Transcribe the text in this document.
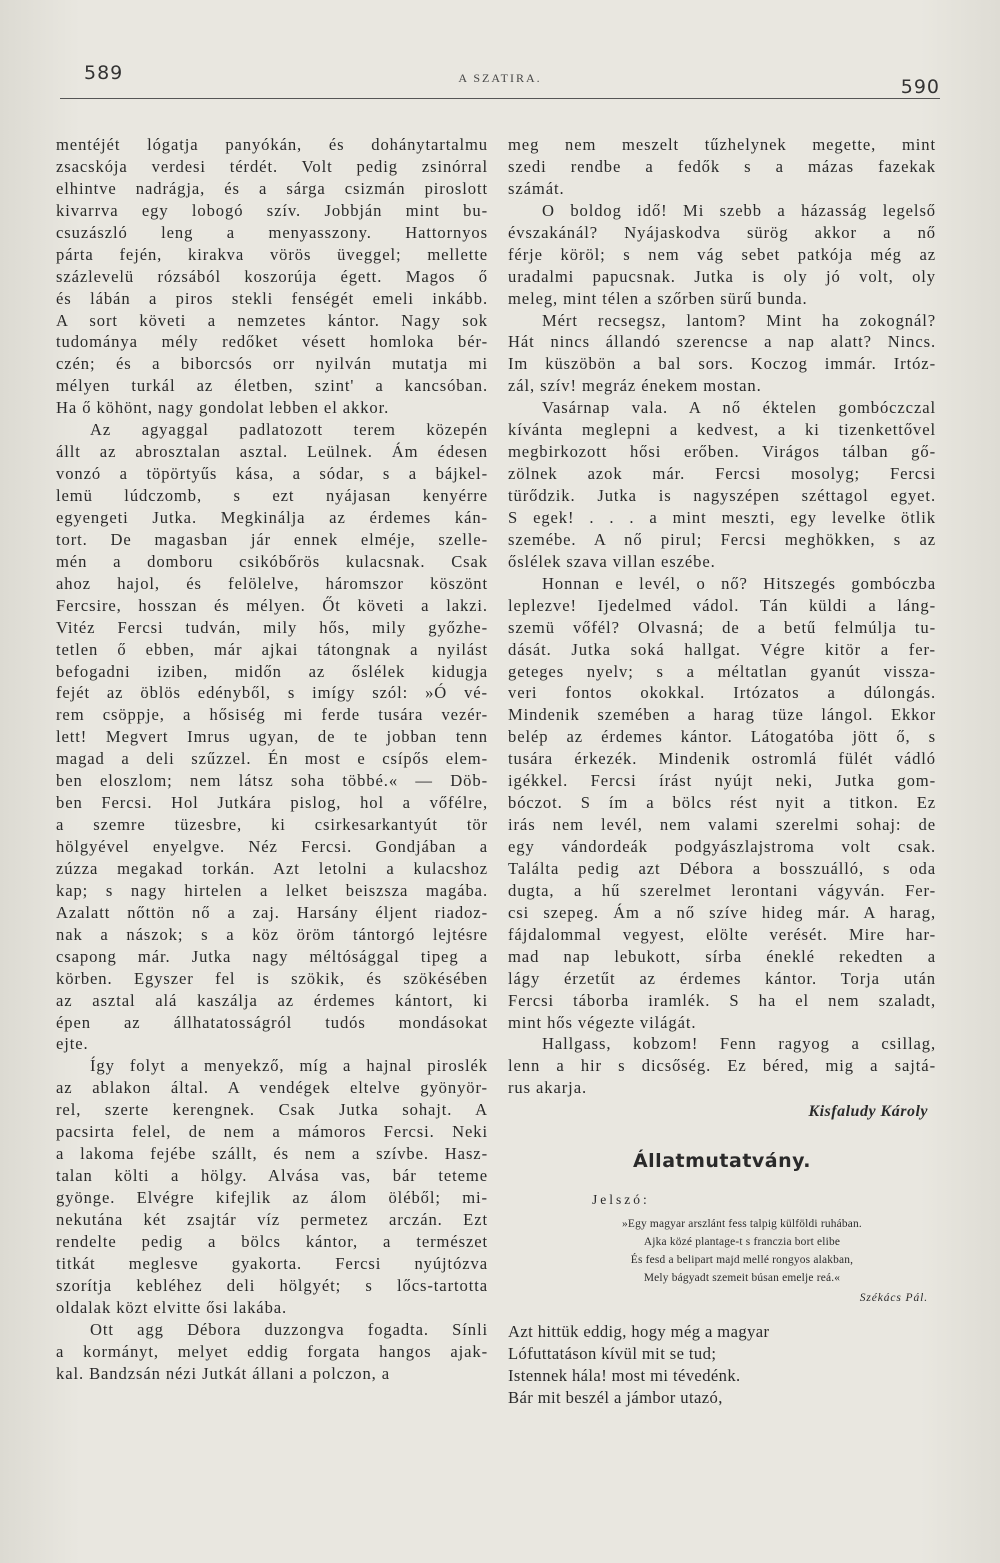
589	A SZATIRA.	590
mentéjét lógatja panyókán, és dohánytartalmu
zsacskója verdesi térdét. Volt pedig zsinórral
elhintve nadrágja, és a sárga csizmán piroslott
kivarrva egy lobogó szív. Jobbján mint bu-
csuzászló leng a menyasszony. Hattornyos
párta fején, kirakva vörös üveggel; mellette
százlevelü rózsából koszorúja égett. Magos ő
és lábán a piros stekli fenségét emeli inkább.
A sort követi a nemzetes kántor. Nagy sok
tudománya mély redőket vésett homloka bér-
czén; és a biborcsós orr nyilván mutatja mi
mélyen turkál az életben, szint' a kancsóban.
Ha ő köhönt, nagy gondolat lebben el akkor.
Az agyaggal padlatozott terem közepén
állt az abrosztalan asztal. Leülnek. Ám édesen
vonzó a töpörtyűs kása, a sódar, s a bájkel-
lemü lúdczomb, s ezt nyájasan kenyérre
egyengeti Jutka. Megkinálja az érdemes kán-
tort. De magasban jár ennek elméje, szelle-
mén a domboru csikóbőrös kulacsnak. Csak
ahoz hajol, és felölelve, háromszor köszönt
Fercsire, hosszan és mélyen. Őt követi a lakzi.
Vitéz Fercsi tudván, mily hős, mily győzhe-
tetlen ő ebben, már ajkai tátongnak a nyilást
befogadni iziben, midőn az őslélek kidugja
fejét az öblös edényből, s imígy szól: »Ó vé-
rem csöppje, a hősiség mi ferde tusára vezér-
lett! Megvert Imrus ugyan, de te jobban tenn
magad a deli szűzzel. Én most e csípős elem-
ben eloszlom; nem látsz soha többé.« — Döb-
ben Fercsi. Hol Jutkára pislog, hol a vőfélre,
a szemre tüzesbre, ki csirkesarkantyút tör
hölgyével enyelgve. Néz Fercsi. Gondjában a
zúzza megakad torkán. Azt letolni a kulacshoz
kap; s nagy hirtelen a lelket beiszsza magába.
Azalatt nőttön nő a zaj. Harsány éljent riadoz-
nak a nászok; s a köz öröm tántorgó lejtésre
csapong már. Jutka nagy méltósággal tipeg a
körben. Egyszer fel is szökik, és szökésében
az asztal alá kaszálja az érdemes kántort, ki
épen az állhatatosságról tudós mondásokat
ejte.
Így folyt a menyekző, míg a hajnal piroslék
az ablakon által. A vendégek eltelve gyönyör-
rel, szerte kerengnek. Csak Jutka sohajt. A
pacsirta felel, de nem a mámoros Fercsi. Neki
a lakoma fejébe szállt, és nem a szívbe. Hasz-
talan költi a hölgy. Alvása vas, bár teteme
gyönge. Elvégre kifejlik az álom öléből; mi-
nekutána két zsajtár víz permetez arczán. Ezt
rendelte pedig a bölcs kántor, a természet
titkát meglesve gyakorta. Fercsi nyújtózva
szorítja kebléhez deli hölgyét; s lőcs-tartotta
oldalak közt elvitte ősi lakába.
Ott agg Débora duzzongva fogadta. Sínli
a kormányt, melyet eddig forgata hangos ajak-
kal. Bandzsán nézi Jutkát állani a polczon, a
meg nem meszelt tűzhelynek megette, mint
szedi rendbe a fedők s a mázas fazekak
számát.
O boldog idő! Mi szebb a házasság legelső
évszakánál? Nyájaskodva sürög akkor a nő
férje köröl; s nem vág sebet patkója még az
uradalmi papucsnak. Jutka is oly jó volt, oly
meleg, mint télen a szőrben sürű bunda.
Mért recsegsz, lantom? Mint ha zokognál?
Hát nincs állandó szerencse a nap alatt? Nincs.
Im küszöbön a bal sors. Koczog immár. Irtóz-
zál, szív! megráz énekem mostan.
Vasárnap vala. A nő éktelen gombóczczal
kívánta meglepni a kedvest, a ki tizenkettővel
megbirkozott hősi erőben. Virágos tálban gő-
zölnek azok már. Fercsi mosolyg; Fercsi
türődzik. Jutka is nagyszépen széttagol egyet.
S egek! . . . a mint meszti, egy levelke ötlik
szemébe. A nő pirul; Fercsi meghökken, s az
őslélek szava villan eszébe.
Honnan e levél, o nő? Hitszegés gombóczba
leplezve! Ijedelmed vádol. Tán küldi a láng-
szemü vőfél? Olvasná; de a betű felmúlja tu-
dását. Jutka soká hallgat. Végre kitör a fer-
geteges nyelv; s a méltatlan gyanút vissza-
veri fontos okokkal. Irtózatos a dúlongás.
Mindenik szemében a harag tüze lángol. Ekkor
belép az érdemes kántor. Látogatóba jött ő, s
tusára érkezék. Mindenik ostromlá fülét vádló
igékkel. Fercsi írást nyújt neki, Jutka gom-
bóczot. S ím a bölcs rést nyit a titkon. Ez
irás nem levél, nem valami szerelmi sohaj: de
egy vándordeák podgyászlajstroma volt csak.
Találta pedig azt Débora a bosszuálló, s oda
dugta, a hű szerelmet lerontani vágyván. Fer-
csi szepeg. Ám a nő szíve hideg már. A harag,
fájdalommal vegyest, elölte verését. Mire har-
mad nap lebukott, sírba éneklé rekedten a
lágy érzetűt az érdemes kántor. Torja után
Fercsi táborba iramlék. S ha el nem szaladt,
mint hős végezte világát.
Hallgass, kobzom! Fenn ragyog a csillag,
lenn a hir s dicsőség. Ez béred, mig a sajtá-
rus akarja.
Kisfaludy Károly
Állatmutatvány.
Jelszó:
»Egy magyar arszlánt fess talpig külföldi ruhában.
Ajka közé plantage-t s franczia bort elibe
És fesd a belipart majd mellé rongyos alakban,
Mely bágyadt szemeit búsan emelje reá.«
Székács Pál.
Azt hittük eddig, hogy még a magyar
Lófuttatáson kívül mit se tud;
Istennek hála! most mi tévedénk.
Bár mit beszél a jámbor utazó,
